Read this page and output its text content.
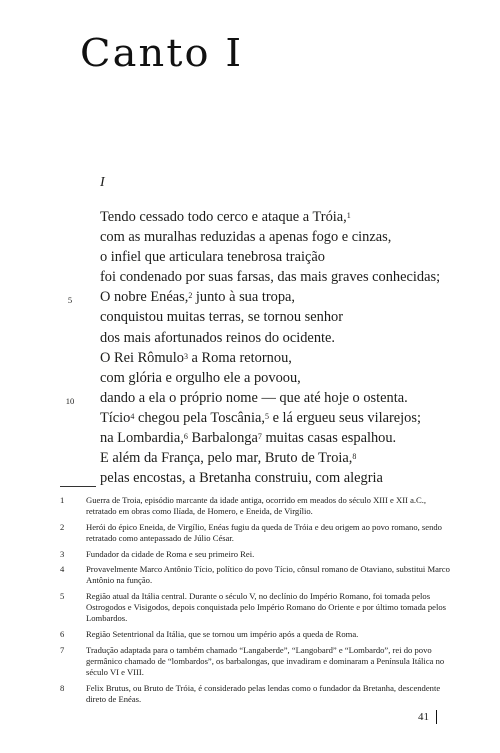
Canto I
I
Tendo cessado todo cerco e ataque a Tróia,$^1$
com as muralhas reduzidas a apenas fogo e cinzas,
o infiel que articulara tenebrosa traição
foi condenado por suas farsas, das mais graves conhecidas;
5	O nobre Enéas,$^2$ junto à sua tropa,
conquistou muitas terras, se tornou senhor
dos mais afortunados reinos do ocidente.
O Rei Rômulo$^3$ a Roma retornou,
com glória e orgulho ele a povoou,
10 dando a ela o próprio nome — que até hoje o ostenta.
Tício$^4$ chegou pela Toscânia,$^5$ e lá ergueu seus vilarejos;
na Lombardia,$^6$ Barbalonga$^7$ muitas casas espalhou.
E além da França, pelo mar, Bruto de Troia,$^8$
pelas encostas, a Bretanha construiu, com alegria
1	Guerra de Troia, episódio marcante da idade antiga, ocorrido em meados do século XIII e XII a.C., retratado em obras como Ilíada, de Homero, e Eneida, de Virgílio.

2	Herói do épico Eneida, de Virgílio, Enéas fugiu da queda de Tróia e deu origem ao povo romano, sendo retratado como antepassado de Júlio César.

3	Fundador da cidade de Roma e seu primeiro Rei.

4	Provavelmente Marco Antônio Tício, político do povo Tício, cônsul romano de Otaviano, substitui Marco Antônio na função.

5	Região atual da Itália central. Durante o século V, no declínio do Império Romano, foi tomada pelos Ostrogodos e Visigodos, depois conquistada pelo Império Romano do Oriente e por último tomada pelos Lombardos.

6	Região Setentrional da Itália, que se tornou um império após a queda de Roma.

7	Tradução adaptada para o também chamado “Langaberde”, “Langobard” e “Lombardo”, rei do povo germânico chamado de “lombardos”, os barbalongas, que invadiram e dominaram a Península Itálica no século VI e VIII.

8	Felix Brutus, ou Bruto de Tróia, é considerado pelas lendas como o fundador da Bretanha, descendente direto de Enéas.

41
